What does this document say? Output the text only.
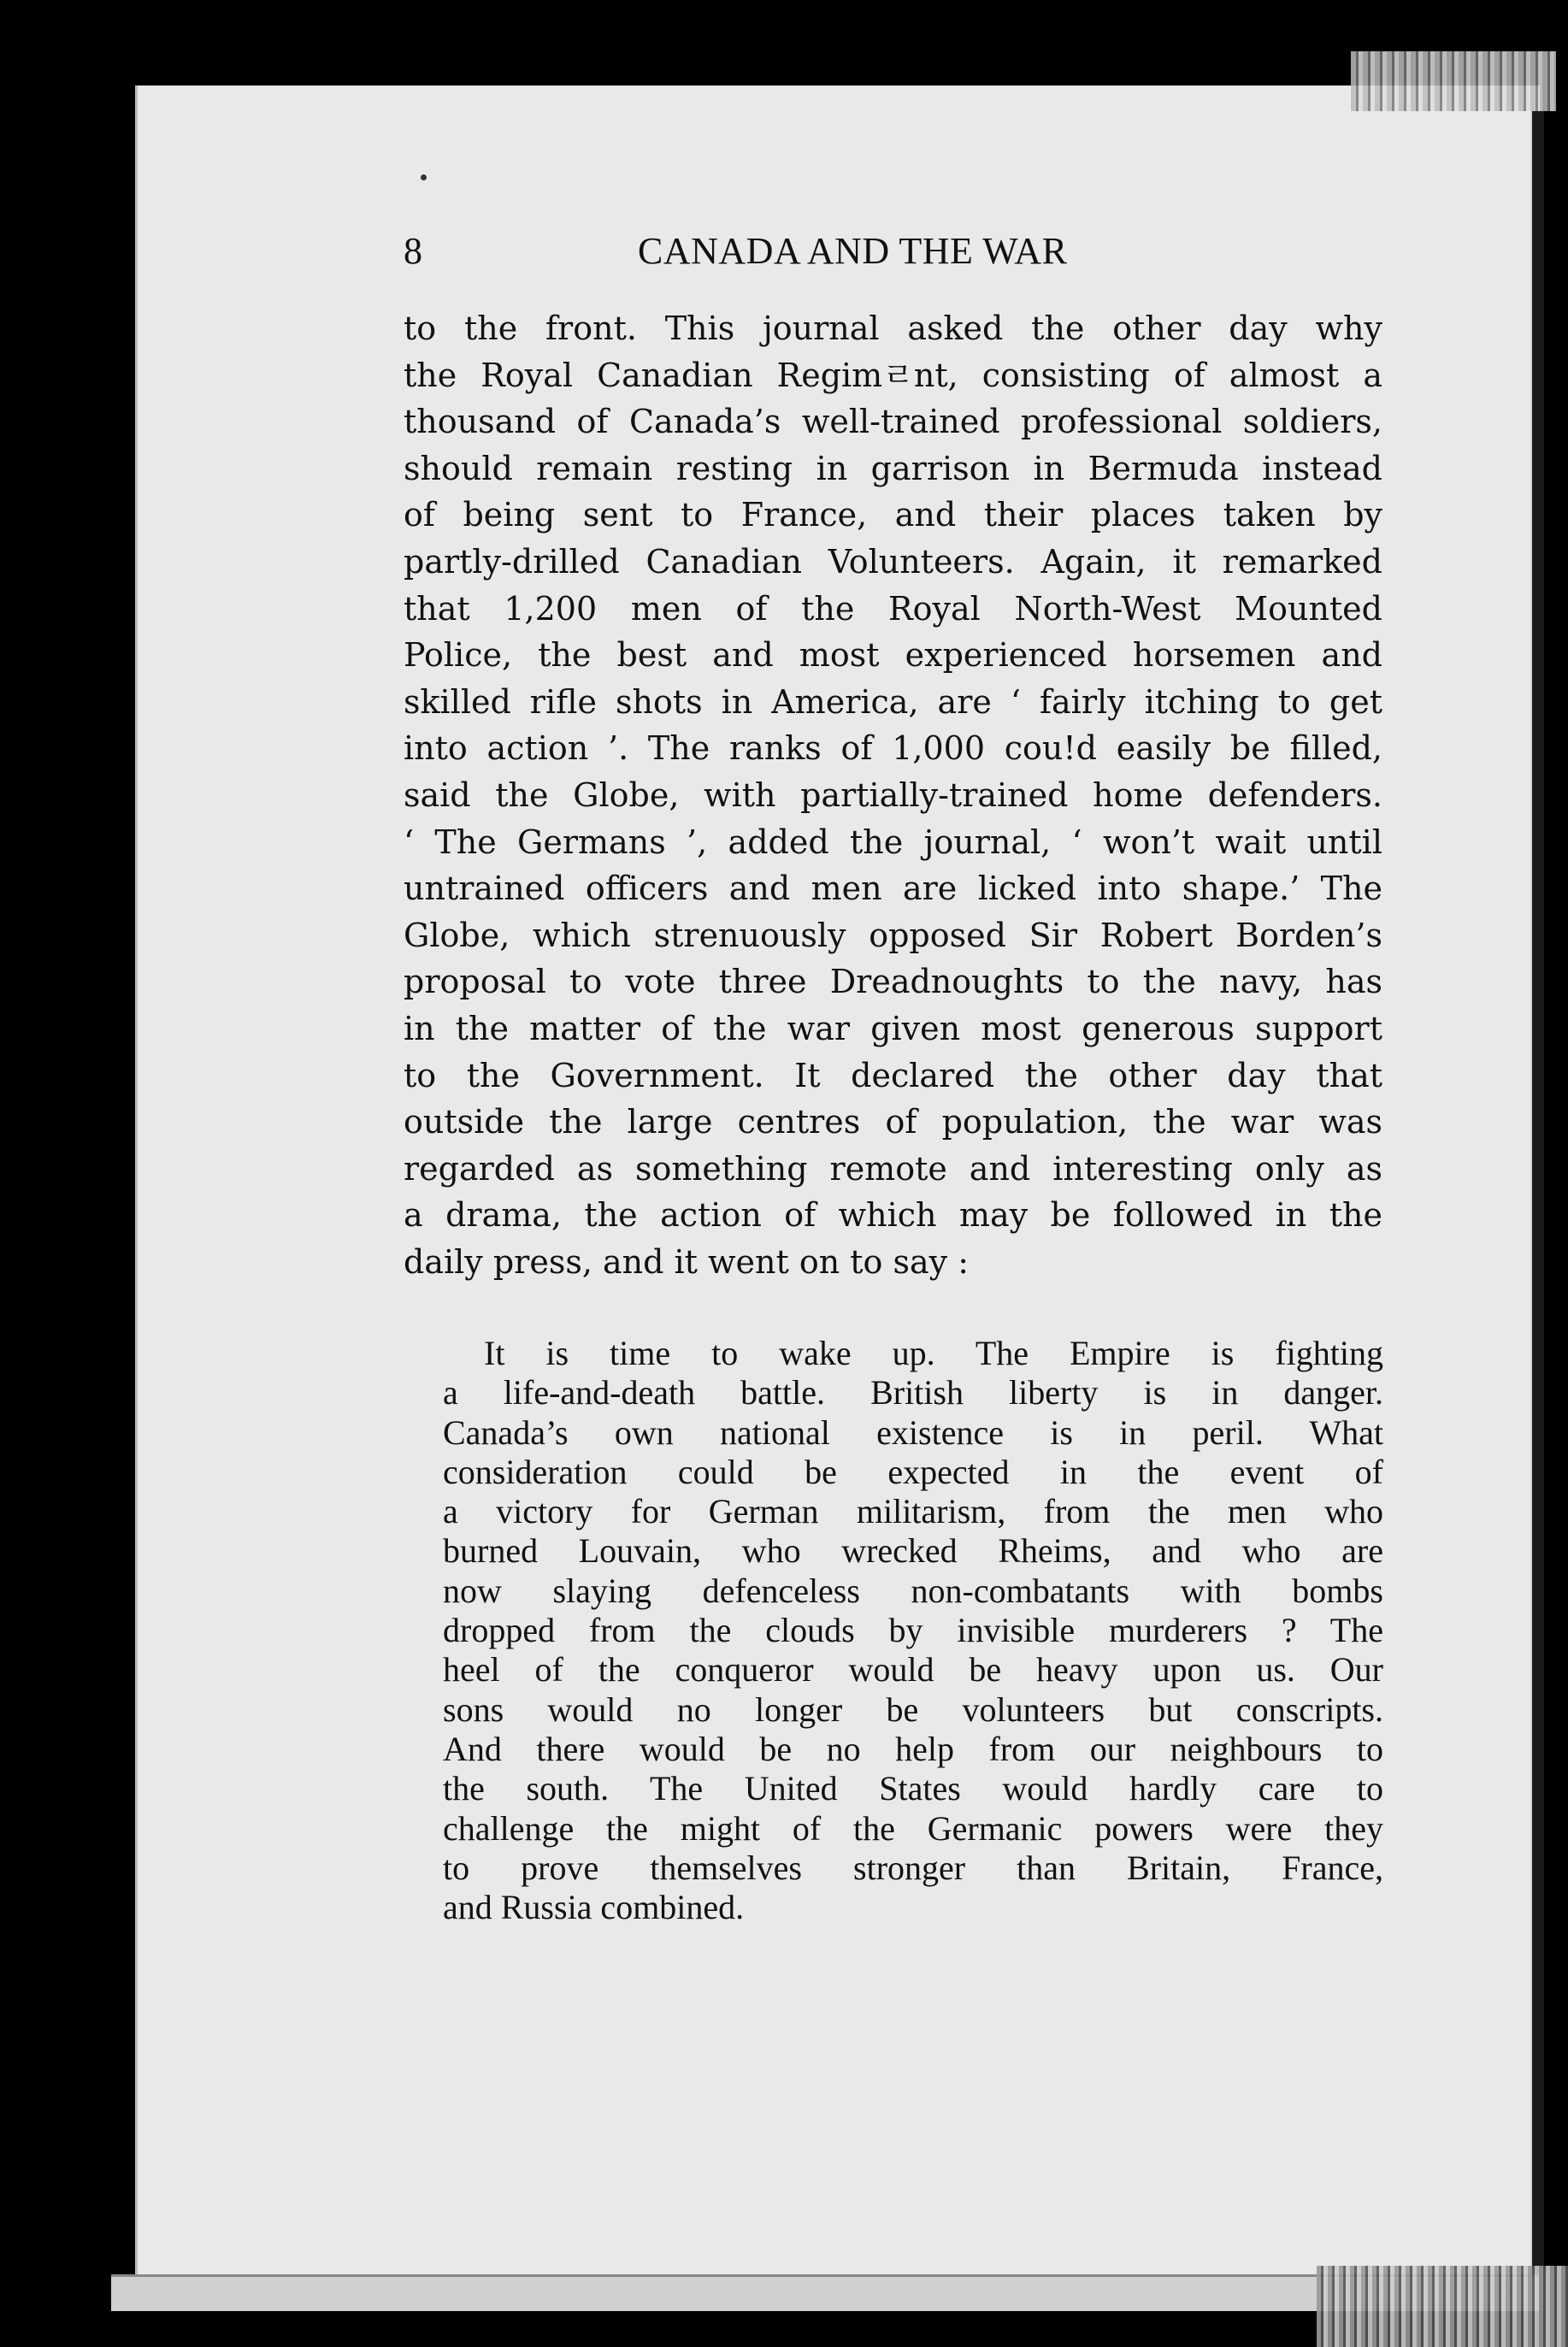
8	CANADA AND THE WAR
to the front. This journal asked the other day why
the Royal Canadian Regimㄹnt, consisting of almost a
thousand of Canada’s well-trained professional soldiers,
should remain resting in garrison in Bermuda instead
of being sent to France, and their places taken by
partly-drilled Canadian Volunteers. Again, it remarked
that 1,200 men of the Royal North-West Mounted
Police, the best and most experienced horsemen and
skilled rifle shots in America, are ‘ fairly itching to get
into action ’. The ranks of 1,000 cou!d easily be filled,
said the Globe, with partially-trained home defenders.
‘ The Germans ’, added the journal, ‘ won’t wait until
untrained officers and men are licked into shape.’ The
Globe, which strenuously opposed Sir Robert Borden’s
proposal to vote three Dreadnoughts to the navy, has
in the matter of the war given most generous support
to the Government. It declared the other day that
outside the large centres of population, the war was
regarded as something remote and interesting only as
a drama, the action of which may be followed in the
daily press, and it went on to say :
It is time to wake up. The Empire is fighting
a life-and-death battle. British liberty is in danger.
Canada’s own national existence is in peril. What
consideration could be expected in the event of
a victory for German militarism, from the men who
burned Louvain, who wrecked Rheims, and who are
now slaying defenceless non-combatants with bombs
dropped from the clouds by invisible murderers ? The
heel of the conqueror would be heavy upon us. Our
sons would no longer be volunteers but conscripts.
And there would be no help from our neighbours to
the south. The United States would hardly care to
challenge the might of the Germanic powers were they
to prove themselves stronger than Britain, France,
and Russia combined.
